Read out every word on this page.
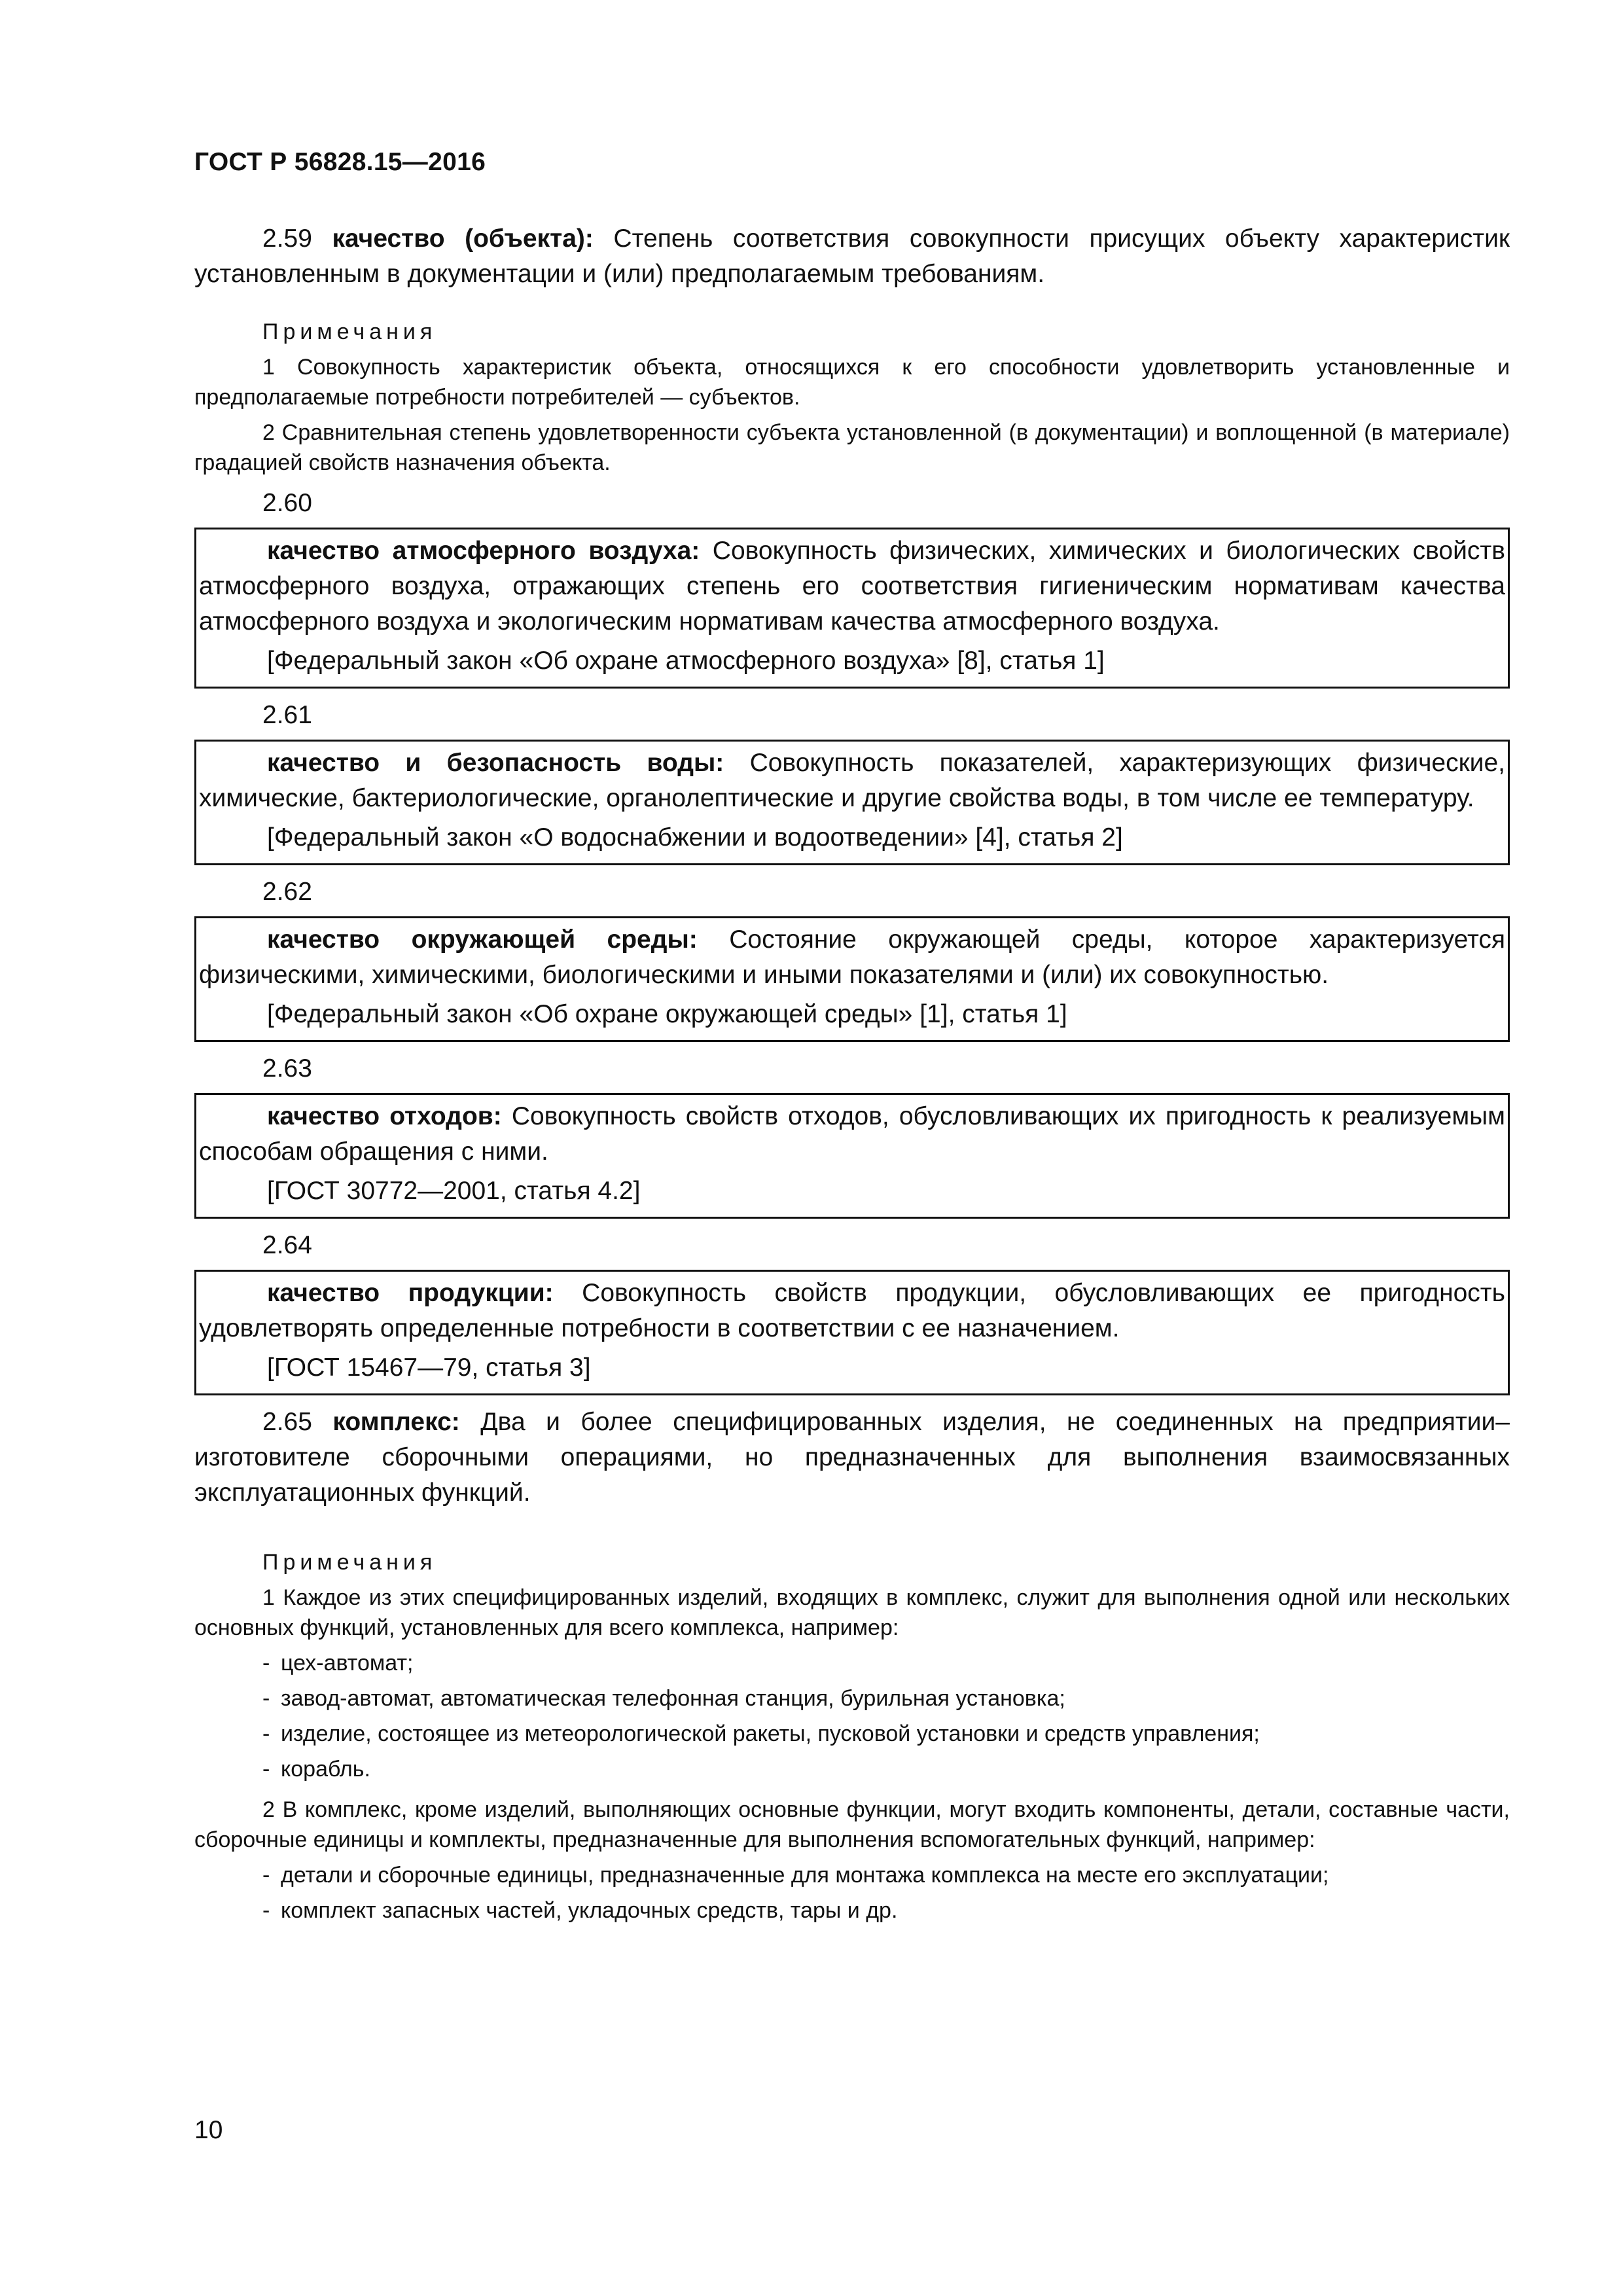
ГОСТ Р 56828.15—2016

2.59 качество (объекта): Степень соответствия совокупности присущих объекту характеристик установленным в документации и (или) предполагаемым требованиям.

Примечания

1 Совокупность характеристик объекта, относящихся к его способности удовлетворить установленные и предполагаемые потребности потребителей — субъектов.

2 Сравнительная степень удовлетворенности субъекта установленной (в документации) и воплощенной (в материале) градацией свойств назначения объекта.

2.60

качество атмосферного воздуха: Совокупность физических, химических и биологических свойств атмосферного воздуха, отражающих степень его соответствия гигиеническим нормативам качества атмосферного воздуха и экологическим нормативам качества атмосферного воздуха.

[Федеральный закон «Об охране атмосферного воздуха» [8], статья 1]

2.61

качество и безопасность воды: Совокупность показателей, характеризующих физические, химические, бактериологические, органолептические и другие свойства воды, в том числе ее температуру.

[Федеральный закон «О водоснабжении и водоотведении» [4], статья 2]

2.62

качество окружающей среды: Состояние окружающей среды, которое характеризуется физическими, химическими, биологическими и иными показателями и (или) их совокупностью.

[Федеральный закон «Об охране окружающей среды» [1], статья 1]

2.63

качество отходов: Совокупность свойств отходов, обусловливающих их пригодность к реализуемым способам обращения с ними.

[ГОСТ 30772—2001, статья 4.2]

2.64

качество продукции: Совокупность свойств продукции, обусловливающих ее пригодность удовлетворять определенные потребности в соответствии с ее назначением.

[ГОСТ 15467—79, статья 3]

2.65 комплекс: Два и более специфицированных изделия, не соединенных на предприятии–изготовителе сборочными операциями, но предназначенных для выполнения взаимосвязанных эксплуатационных функций.

Примечания

1 Каждое из этих специфицированных изделий, входящих в комплекс, служит для выполнения одной или нескольких основных функций, установленных для всего комплекса, например:

- цех-автомат;

- завод-автомат, автоматическая телефонная станция, бурильная установка;

- изделие, состоящее из метеорологической ракеты, пусковой установки и средств управления;

- корабль.

2 В комплекс, кроме изделий, выполняющих основные функции, могут входить компоненты, детали, составные части, сборочные единицы и комплекты, предназначенные для выполнения вспомогательных функций, например:

- детали и сборочные единицы, предназначенные для монтажа комплекса на месте его эксплуатации;

- комплект запасных частей, укладочных средств, тары и др.

10
